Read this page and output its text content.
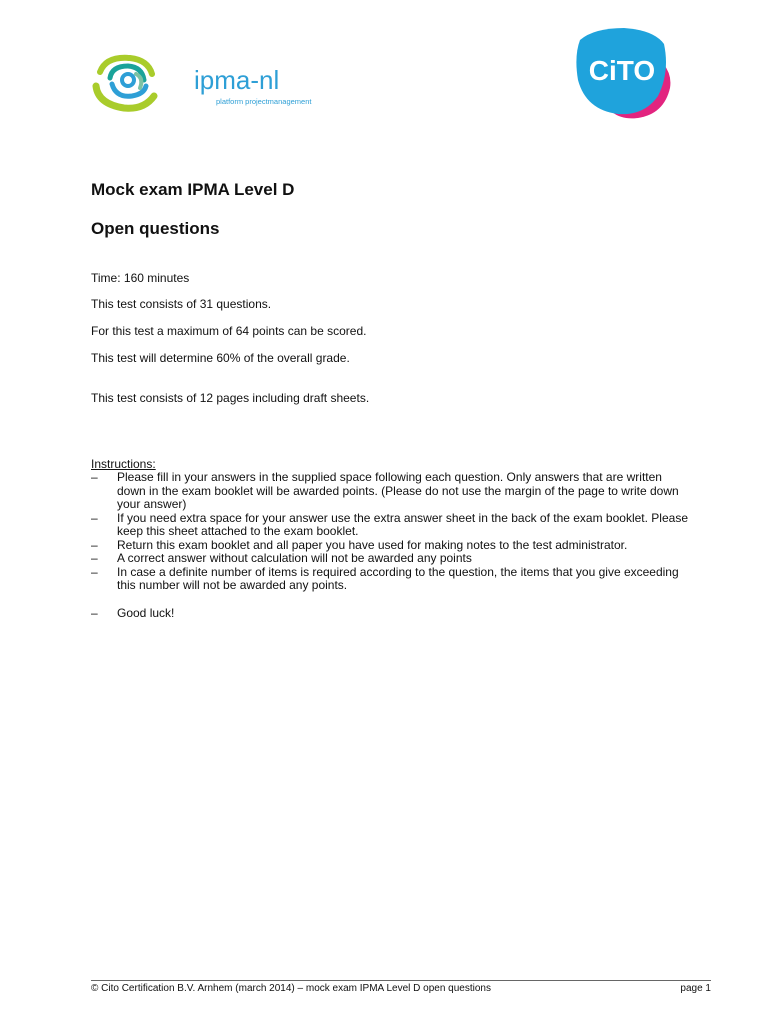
ipma-nl
platform projectmanagement
CiTO
Mock exam IPMA Level D
Open questions

Time: 160 minutes

This test consists of 31 questions.

For this test a maximum of 64 points can be scored.

This test will determine 60% of the overall grade.

This test consists of 12 pages including draft sheets.

Instructions:
– Please fill in your answers in the supplied space following each question. Only answers that are written down in the exam booklet will be awarded points. (Please do not use the margin of the page to write down your answer)
– If you need extra space for your answer use the extra answer sheet in the back of the exam booklet. Please keep this sheet attached to the exam booklet.
– Return this exam booklet and all paper you have used for making notes to the test administrator.
– A correct answer without calculation will not be awarded any points
– In case a definite number of items is required according to the question, the items that you give exceeding this number will not be awarded any points.
– Good luck!
© Cito Certification B.V. Arnhem (march 2014) – mock exam IPMA Level D open questions	page 1
